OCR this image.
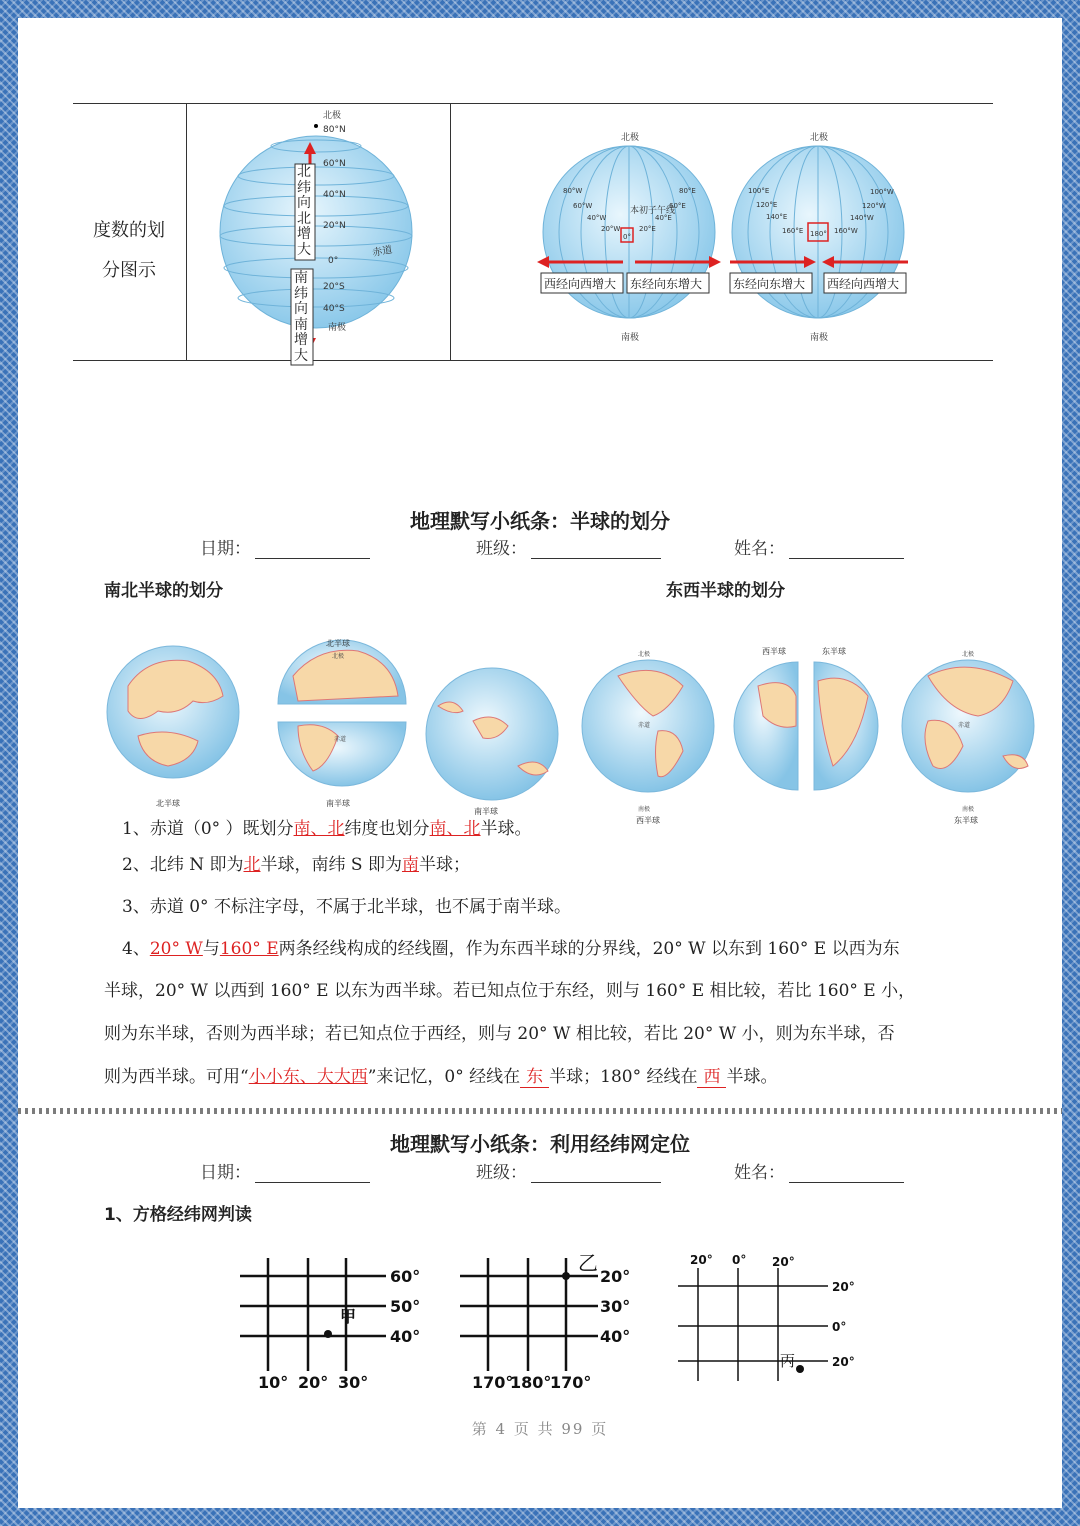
度数的划
分图示
北极
80°N
60°N
40°N
20°N
0°
20°S
40°S
南极
赤道
北纬向北增大
南纬向南增大
北极
南极
本初子午线
0°
80°W
60°W
40°W
20°W	20°E
40°E
60°E
80°E
西经向西增大 东经向东增大
北极
南极
180°
100°E
120°E
140°E
160°E	160°W
140°W
120°W
100°W
东经向东增大 西经向西增大
地理默写小纸条：半球的划分
日期：	班级：	姓名：
南北半球的划分	东西半球的划分
北半球
北半球
北极
赤道
南半球
南半球
北极
赤道
南极
西半球
西半球	东半球	北极
赤道
南极
东半球
1、赤道（0° ）既划分南、北纬度也划分南、北半球。
2、北纬 N 即为北半球，南纬 S 即为南半球；
3、赤道 0° 不标注字母，不属于北半球，也不属于南半球。
4、20° W与160° E两条经线构成的经线圈，作为东西半球的分界线，20° W 以东到 160° E 以西为东
半球，20° W 以西到 160° E 以东为西半球。若已知点位于东经，则与 160° E 相比较，若比 160° E 小，
则为东半球，否则为西半球；若已知点位于西经，则与 20° W 相比较，若比 20° W 小，则为东半球，否
则为西半球。可用“小小东、大大西”来记忆，0° 经线在 东 半球；180° 经线在 西 半球。
地理默写小纸条：利用经纬网定位
日期：	班级：	姓名：
1、方格经纬网判读
60°
50°
40°
10° 20° 30°
甲
20°
30°
40°
170°
180°
170°
乙	20° 0° 20°
20°
0°
20°
丙
第 4 页 共 99 页
